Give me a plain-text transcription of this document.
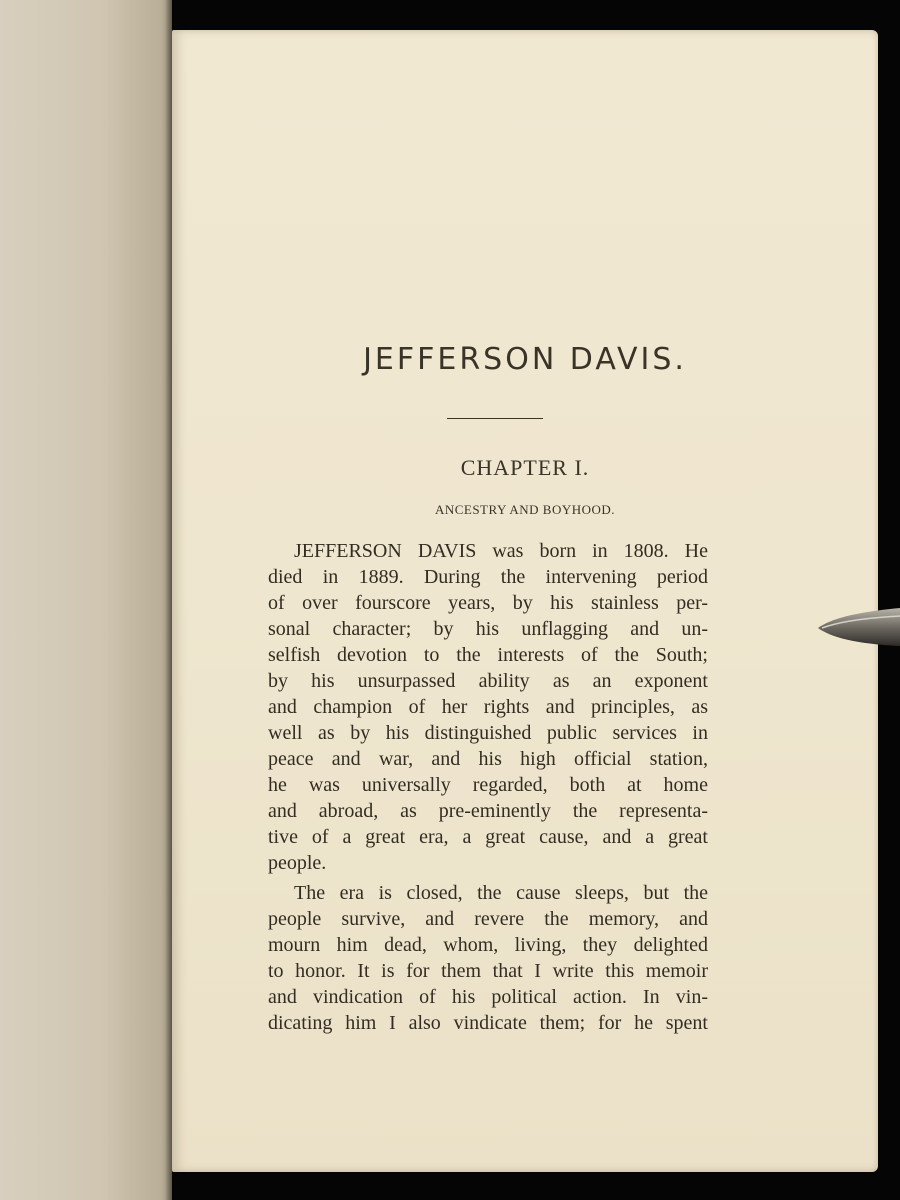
JEFFERSON DAVIS.
CHAPTER I.
ANCESTRY AND BOYHOOD.
JEFFERSON DAVIS was born in 1808. He
died in 1889. During the intervening period
of over fourscore years, by his stainless per-
sonal character; by his unflagging and un-
selfish devotion to the interests of the South;
by his unsurpassed ability as an exponent
and champion of her rights and principles, as
well as by his distinguished public services in
peace and war, and his high official station,
he was universally regarded, both at home
and abroad, as pre-eminently the representa-
tive of a great era, a great cause, and a great
people.
The era is closed, the cause sleeps, but the
people survive, and revere the memory, and
mourn him dead, whom, living, they delighted
to honor. It is for them that I write this memoir
and vindication of his political action. In vin-
dicating him I also vindicate them; for he spent
